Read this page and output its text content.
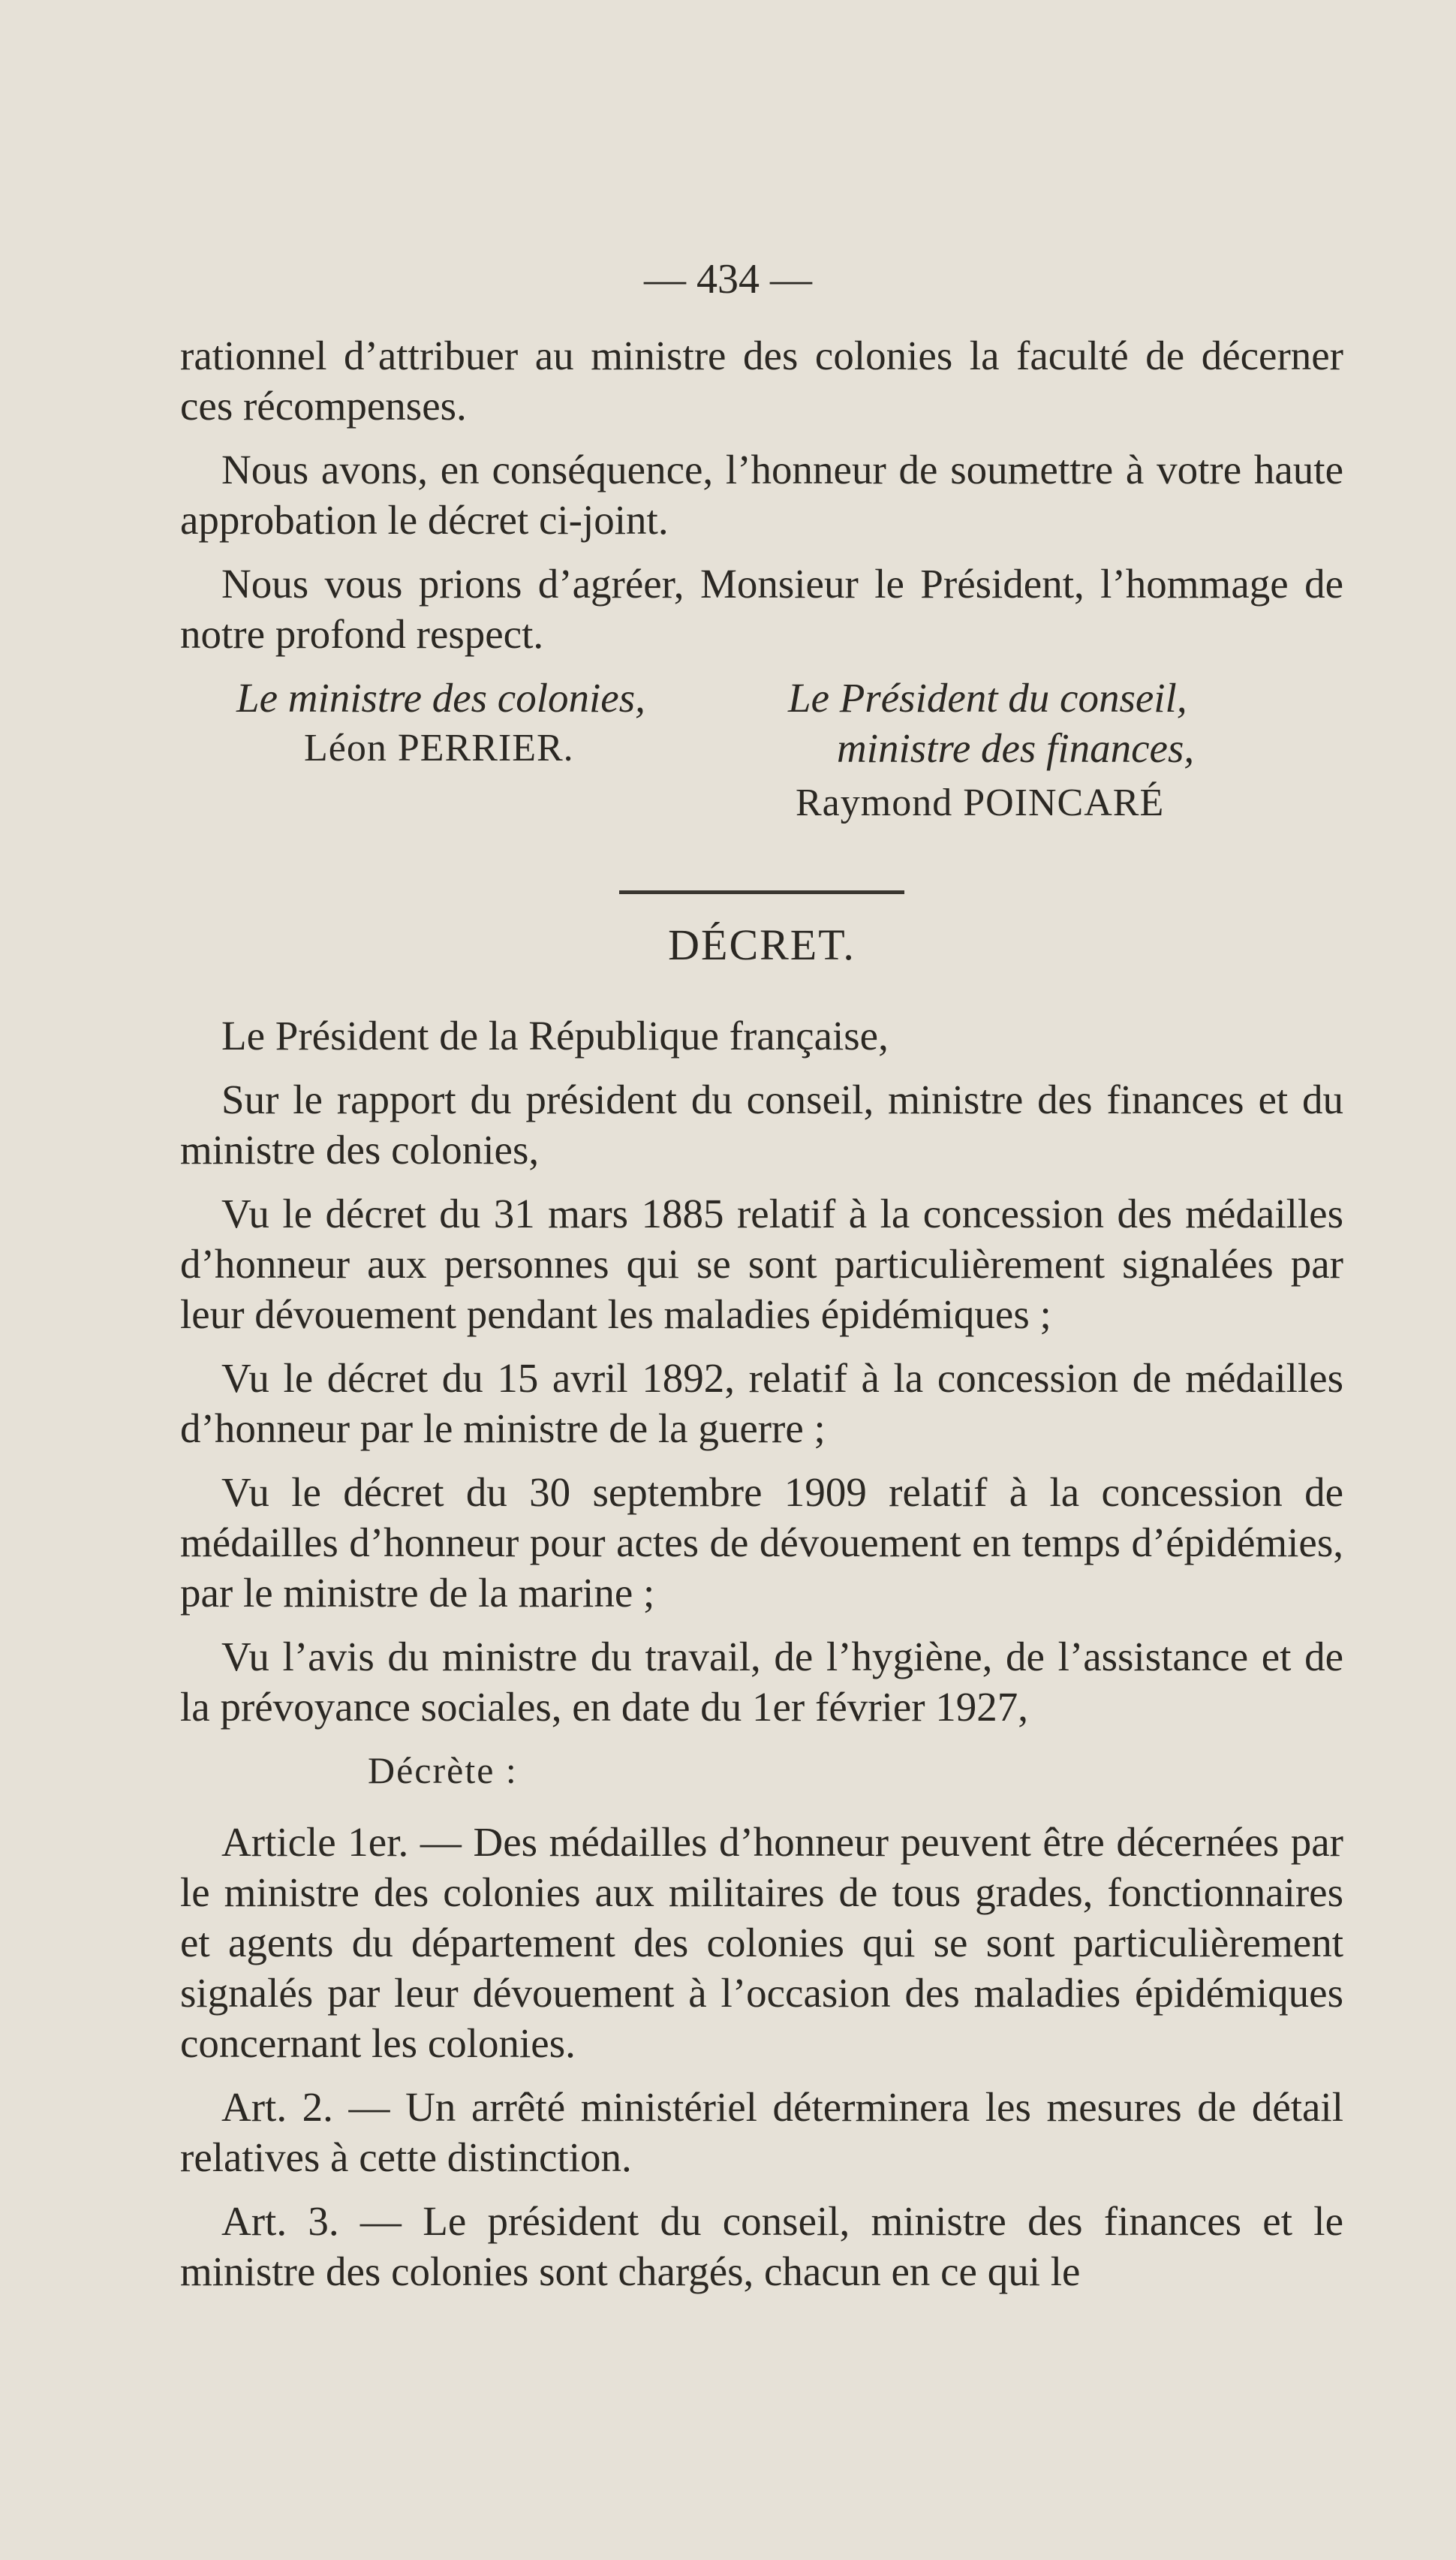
— 434 —

rationnel d’attribuer au ministre des colonies la faculté de décerner ces récompenses.

Nous avons, en conséquence, l’honneur de soumettre à votre haute approbation le décret ci-joint.

Nous vous prions d’agréer, Monsieur le Président, l’hommage de notre profond respect.

Le ministre des colonies,
Léon PERRIER.
Le Président du conseil,
ministre des finances,
Raymond POINCARÉ
DÉCRET.

Le Président de la République française,

Sur le rapport du président du conseil, ministre des finances et du ministre des colonies,

Vu le décret du 31 mars 1885 relatif à la concession des médailles d’honneur aux personnes qui se sont particulièrement signalées par leur dévouement pendant les maladies épidémiques ;

Vu le décret du 15 avril 1892, relatif à la concession de médailles d’honneur par le ministre de la guerre ;

Vu le décret du 30 septembre 1909 relatif à la concession de médailles d’honneur pour actes de dévouement en temps d’épidémies, par le ministre de la marine ;

Vu l’avis du ministre du travail, de l’hygiène, de l’assistance et de la prévoyance sociales, en date du 1er février 1927,

Décrète :

Article 1er. — Des médailles d’honneur peuvent être décernées par le ministre des colonies aux militaires de tous grades, fonctionnaires et agents du département des colonies qui se sont particulièrement signalés par leur dévouement à l’occasion des maladies épidémiques concernant les colonies.

Art. 2. — Un arrêté ministériel déterminera les mesures de détail relatives à cette distinction.

Art. 3. — Le président du conseil, ministre des finances et le ministre des colonies sont chargés, chacun en ce qui le
